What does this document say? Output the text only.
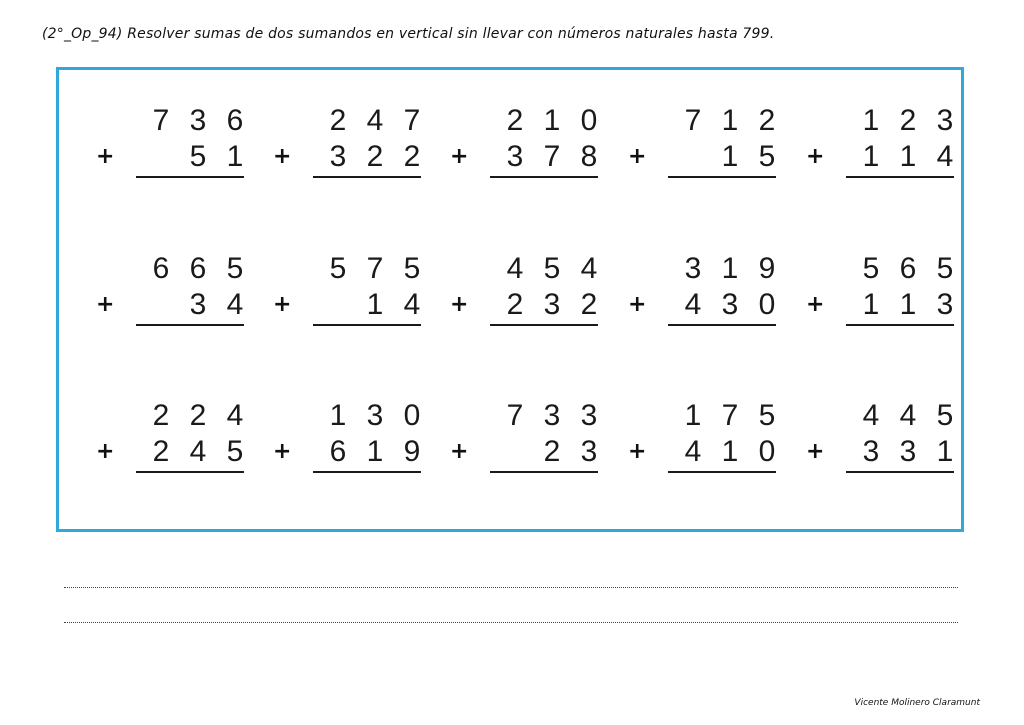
(2°_Op_94) Resolver sumas de dos sumandos en vertical sin llevar con números naturales hasta 799.
7 3 6
+	5 1
2 4 7
+ 3 2 2
2 1 0
+ 3 7 8
7 1 2
+	1 5
1 2 3
+ 1 1 4
6 6 5
+	3 4
5 7 5
+	1 4
4 5 4
+ 2 3 2
3 1 9
+ 4 3 0
5 6 5
+ 1 1 3
2 2 4
+ 2 4 5
1 3 0
+ 6 1 9
7 3 3
+	2 3
1 7 5
+ 4 1 0
4 4 5
+ 3 3 1
Vicente Molinero Claramunt
